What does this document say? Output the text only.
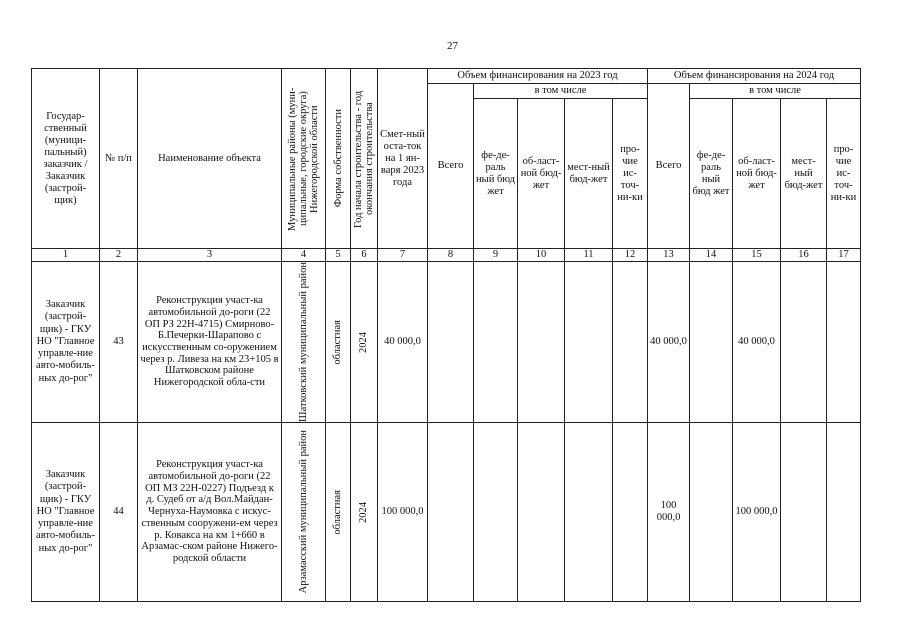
27
Государ-ственный (муници-пальный) заказчик / Заказчик (застрой-щик)	№ п/п	Наименование объекта	Муниципальные районы (муни-ципальные, городские округа) Нижегородской области	Форма собственности	Год начала строительства - год окончания строительства	Смет-ный оста-ток на 1 ян-варя 2023 года	Объем финансирования на 2023 год					Объем финансирования на 2024 год				
							Всего	в том числе				Всего	в том числе			
								фе-де-раль ный бюд жет	об-ласт-ной бюд-жет	мест-ный бюд-жет	про-чие ис-точ-ни-ки		фе-де-раль ный бюд жет	об-ласт-ной бюд-жет	мест-ный бюд-жет	про-чие ис-точ-ни-ки
1	2	3	4	5	6	7	8	9	10	11	12	13	14	15	16	17
Заказчик (застрой-щик) - ГКУ НО "Главное управле-ние авто-мобиль-ных до-рог"	43	Реконструкция участ-ка автомобильной до-роги (22 ОП РЗ 22Н-4715) Смирново-Б.Печерки-Шарапово с искусственным со-оружением через р. Ливеза на км 23+105 в Шатковском районе Нижегородской обла-сти	Шатковский муниципальный район	областная	2024	40 000,0						40 000,0		40 000,0		
Заказчик (застрой-щик) - ГКУ НО "Главное управле-ние авто-мобиль-ных до-рог"	44	Реконструкция участ-ка автомобильной до-роги (22 ОП МЗ 22Н-0227) Подъезд к д. Судеб от а/д Вол.Майдан-Чернуха-Наумовка с искус-ственным сооружени-ем через р. Ковакса на км 1+660 в Арзамас-ском районе Нижего-родской области	Арзамасский муниципальный район	областная	2024	100 000,0						100 000,0		100 000,0		
